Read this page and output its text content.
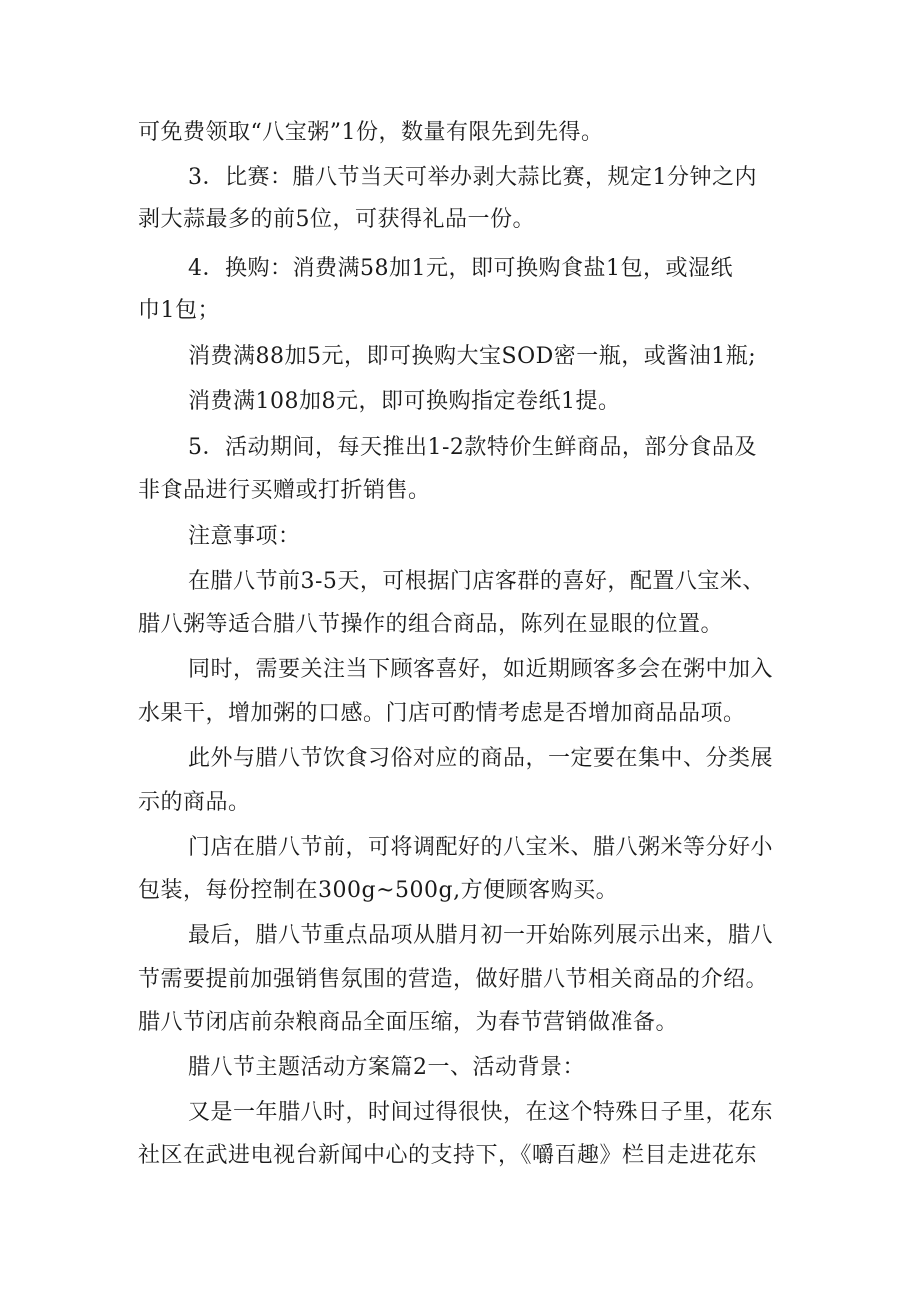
可免费领取“八宝粥”1份，数量有限先到先得。
3．比赛：腊八节当天可举办剥大蒜比赛，规定1分钟之内
剥大蒜最多的前5位，可获得礼品一份。
4．换购：消费满58加1元，即可换购食盐1包，或湿纸
巾1包；
消费满88加5元，即可换购大宝SOD密一瓶，或酱油1瓶;
消费满108加8元，即可换购指定卷纸1提。
5．活动期间，每天推出1-2款特价生鲜商品，部分食品及
非食品进行买赠或打折销售。
注意事项：
在腊八节前3-5天，可根据门店客群的喜好，配置八宝米、
腊八粥等适合腊八节操作的组合商品，陈列在显眼的位置。
同时，需要关注当下顾客喜好，如近期顾客多会在粥中加入
水果干，增加粥的口感。门店可酌情考虑是否增加商品品项。
此外与腊八节饮食习俗对应的商品，一定要在集中、分类展
示的商品。
门店在腊八节前，可将调配好的八宝米、腊八粥米等分好小
包装，每份控制在300g~500g,方便顾客购买。
最后，腊八节重点品项从腊月初一开始陈列展示出来，腊八
节需要提前加强销售氛围的营造，做好腊八节相关商品的介绍。
腊八节闭店前杂粮商品全面压缩，为春节营销做准备。
腊八节主题活动方案篇2一、活动背景：
又是一年腊八时，时间过得很快，在这个特殊日子里，花东
社区在武进电视台新闻中心的支持下，《嚼百趣》栏目走进花东
